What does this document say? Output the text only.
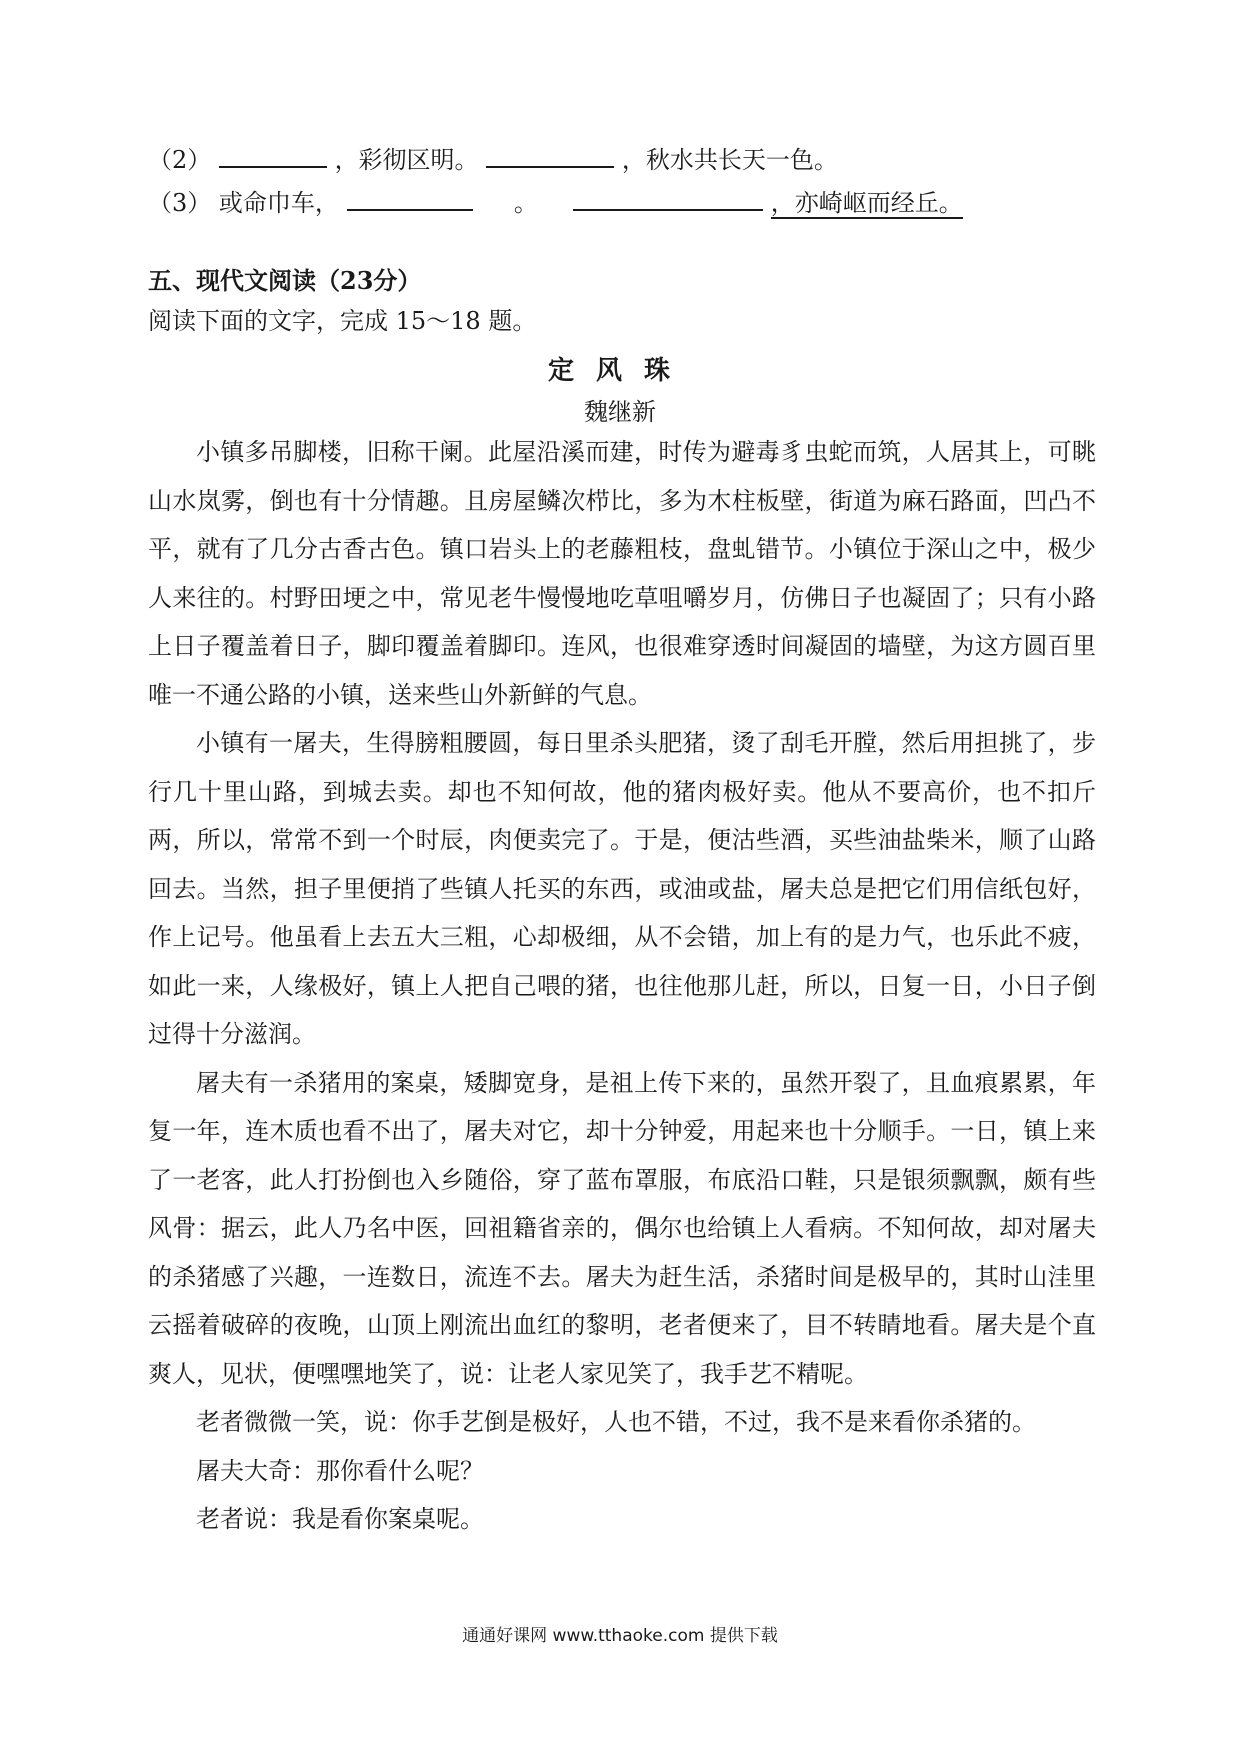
（2）	，彩彻区明。	，秋水共长天一色。
（3） 或命巾车，	。	，亦崎岖而经丘。
五、现代文阅读（23分）
阅读下面的文字，完成 15～18 题。
定风珠
魏继新

小镇多吊脚楼，旧称干阑。此屋沿溪而建，时传为避毒豸虫蛇而筑，人居其上，可眺山水岚雾，倒也有十分情趣。且房屋鳞次栉比，多为木柱板壁，街道为麻石路面，凹凸不平，就有了几分古香古色。镇口岩头上的老藤粗枝，盘虬错节。小镇位于深山之中，极少人来往的。村野田埂之中，常见老牛慢慢地吃草咀嚼岁月，仿佛日子也凝固了；只有小路上日子覆盖着日子，脚印覆盖着脚印。连风，也很难穿透时间凝固的墙壁，为这方圆百里唯一不通公路的小镇，送来些山外新鲜的气息。

小镇有一屠夫，生得膀粗腰圆，每日里杀头肥猪，烫了刮毛开膛，然后用担挑了，步行几十里山路，到城去卖。却也不知何故，他的猪肉极好卖。他从不要高价，也不扣斤两，所以，常常不到一个时辰，肉便卖完了。于是，便沽些酒，买些油盐柴米，顺了山路回去。当然，担子里便捎了些镇人托买的东西，或油或盐，屠夫总是把它们用信纸包好，作上记号。他虽看上去五大三粗，心却极细，从不会错，加上有的是力气，也乐此不疲，如此一来，人缘极好，镇上人把自己喂的猪，也往他那儿赶，所以，日复一日，小日子倒过得十分滋润。

屠夫有一杀猪用的案桌，矮脚宽身，是祖上传下来的，虽然开裂了，且血痕累累，年复一年，连木质也看不出了，屠夫对它，却十分钟爱，用起来也十分顺手。一日，镇上来了一老客，此人打扮倒也入乡随俗，穿了蓝布罩服，布底沿口鞋，只是银须飘飘，颇有些风骨：据云，此人乃名中医，回祖籍省亲的，偶尔也给镇上人看病。不知何故，却对屠夫的杀猪感了兴趣，一连数日，流连不去。屠夫为赶生活，杀猪时间是极早的，其时山洼里云摇着破碎的夜晚，山顶上刚流出血红的黎明，老者便来了，目不转睛地看。屠夫是个直爽人，见状，便嘿嘿地笑了，说：让老人家见笑了，我手艺不精呢。

老者微微一笑，说：你手艺倒是极好，人也不错，不过，我不是来看你杀猪的。

屠夫大奇：那你看什么呢？

老者说：我是看你案桌呢。

通通好课网 www.tthaoke.com 提供下载
